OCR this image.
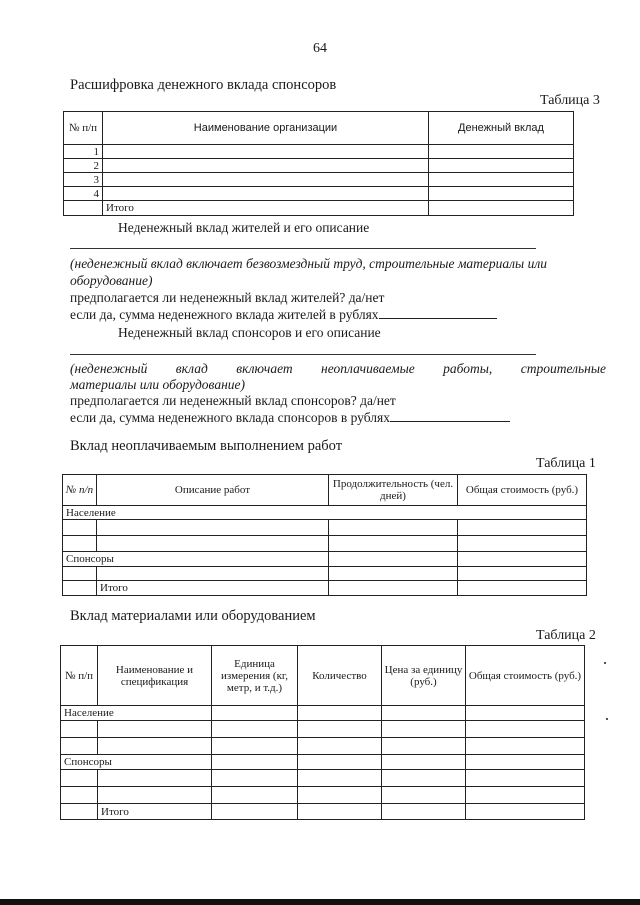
64
Расшифровка денежного вклада спонсоров
Таблица 3
№ п/п	Наименование организации	Денежный вклад
1		
2		
3		
4		
	Итого	
Неденежный вклад жителей и его описание
(неденежный вклад включает безвозмездный труд, строительные материалы или оборудование)
предполагается ли неденежный вклад жителей? да/нет
если да, сумма неденежного вклада жителей в рублях
Неденежный вклад спонсоров и его описание
(неденежный вклад включает неоплачиваемые работы, строительные
материалы или оборудование)
предполагается ли неденежный вклад спонсоров? да/нет
если да, сумма неденежного вклада спонсоров в рублях
Вклад неоплачиваемым выполнением работ
Таблица 1
№ п/п	Описание работ	Продолжительность (чел. дней)	Общая стоимость (руб.)
Население			

Спонсоры			

	Итого		
Вклад материалами или оборудованием
Таблица 2
№ п/п	Наименование и спецификация	Единица измерения (кг, метр, и т.д.)	Количество	Цена за единицу (руб.)	Общая стоимость (руб.)
Население					

Спонсоры					

	Итого				
